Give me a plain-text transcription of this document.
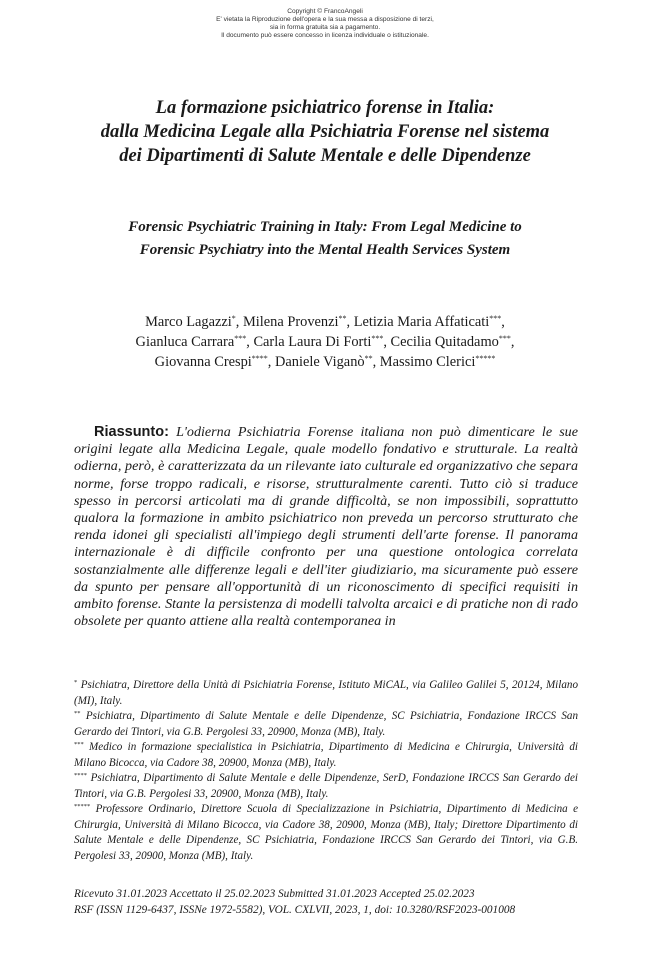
Copyright © FrancoAngeli
E' vietata la Riproduzione dell'opera e la sua messa a disposizione di terzi,
sia in forma gratuita sia a pagamento.
Il documento può essere concesso in licenza individuale o istituzionale.
La formazione psichiatrico forense in Italia:
dalla Medicina Legale alla Psichiatria Forense nel sistema
dei Dipartimenti di Salute Mentale e delle Dipendenze
Forensic Psychiatric Training in Italy: From Legal Medicine to
Forensic Psychiatry into the Mental Health Services System
Marco Lagazzi*, Milena Provenzi**, Letizia Maria Affaticati***,
Gianluca Carrara***, Carla Laura Di Forti***, Cecilia Quitadamo***,
Giovanna Crespi****, Daniele Viganò**, Massimo Clerici*****
Riassunto: L'odierna Psichiatria Forense italiana non può dimenticare le sue origini legate alla Medicina Legale, quale modello fondativo e strutturale. La realtà odierna, però, è caratterizzata da un rilevante iato culturale ed organizzativo che separa norme, forse troppo radicali, e risorse, strutturalmente carenti. Tutto ciò si traduce spesso in percorsi articolati ma di grande difficoltà, se non impossibili, soprattutto qualora la formazione in ambito psichiatrico non preveda un percorso strutturato che renda idonei gli specialisti all'impiego degli strumenti dell'arte forense. Il panorama internazionale è di difficile confronto per una questione ontologica correlata sostanzialmente alle differenze legali e dell'iter giudiziario, ma sicuramente può essere da spunto per pensare all'opportunità di un riconoscimento di specifici requisiti in ambito forense. Stante la persistenza di modelli talvolta arcaici e di pratiche non di rado obsolete per quanto attiene alla realtà contemporanea in
* Psichiatra, Direttore della Unità di Psichiatria Forense, Istituto MiCAL, via Galileo Galilei 5, 20124, Milano (MI), Italy.
** Psichiatra, Dipartimento di Salute Mentale e delle Dipendenze, SC Psichiatria, Fondazione IRCCS San Gerardo dei Tintori, via G.B. Pergolesi 33, 20900, Monza (MB), Italy.
*** Medico in formazione specialistica in Psichiatria, Dipartimento di Medicina e Chirurgia, Università di Milano Bicocca, via Cadore 38, 20900, Monza (MB), Italy.
**** Psichiatra, Dipartimento di Salute Mentale e delle Dipendenze, SerD, Fondazione IRCCS San Gerardo dei Tintori, via G.B. Pergolesi 33, 20900, Monza (MB), Italy.
***** Professore Ordinario, Direttore Scuola di Specializzazione in Psichiatria, Dipartimento di Medicina e Chirurgia, Università di Milano Bicocca, via Cadore 38, 20900, Monza (MB), Italy; Direttore Dipartimento di Salute Mentale e delle Dipendenze, SC Psichiatria, Fondazione IRCCS San Gerardo dei Tintori, via G.B. Pergolesi 33, 20900, Monza (MB), Italy.
Ricevuto 31.01.2023 Accettato il 25.02.2023 Submitted 31.01.2023 Accepted 25.02.2023
RSF (ISSN 1129-6437, ISSNe 1972-5582), VOL. CXLVII, 2023, 1, doi: 10.3280/RSF2023-001008
